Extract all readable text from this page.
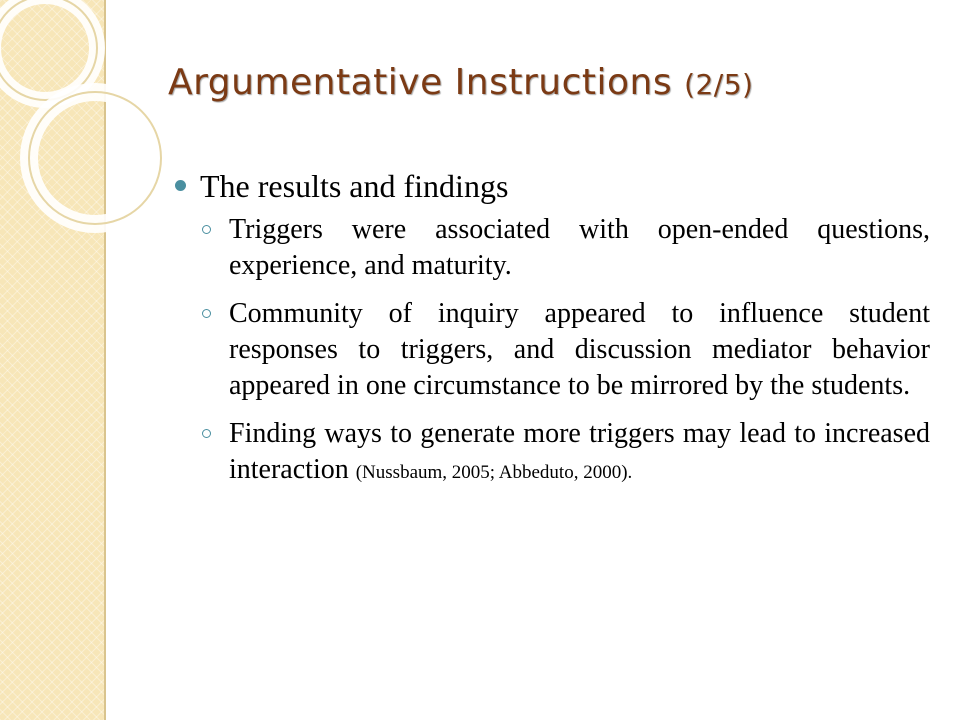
Argumentative Instructions (2/5)
The results and findings
Triggers were associated with open-ended questions, experience, and maturity.
Community of inquiry appeared to influence student responses to triggers, and discussion mediator behavior appeared in one circumstance to be mirrored by the students.
Finding ways to generate more triggers may lead to increased interaction (Nussbaum, 2005; Abbeduto, 2000).
